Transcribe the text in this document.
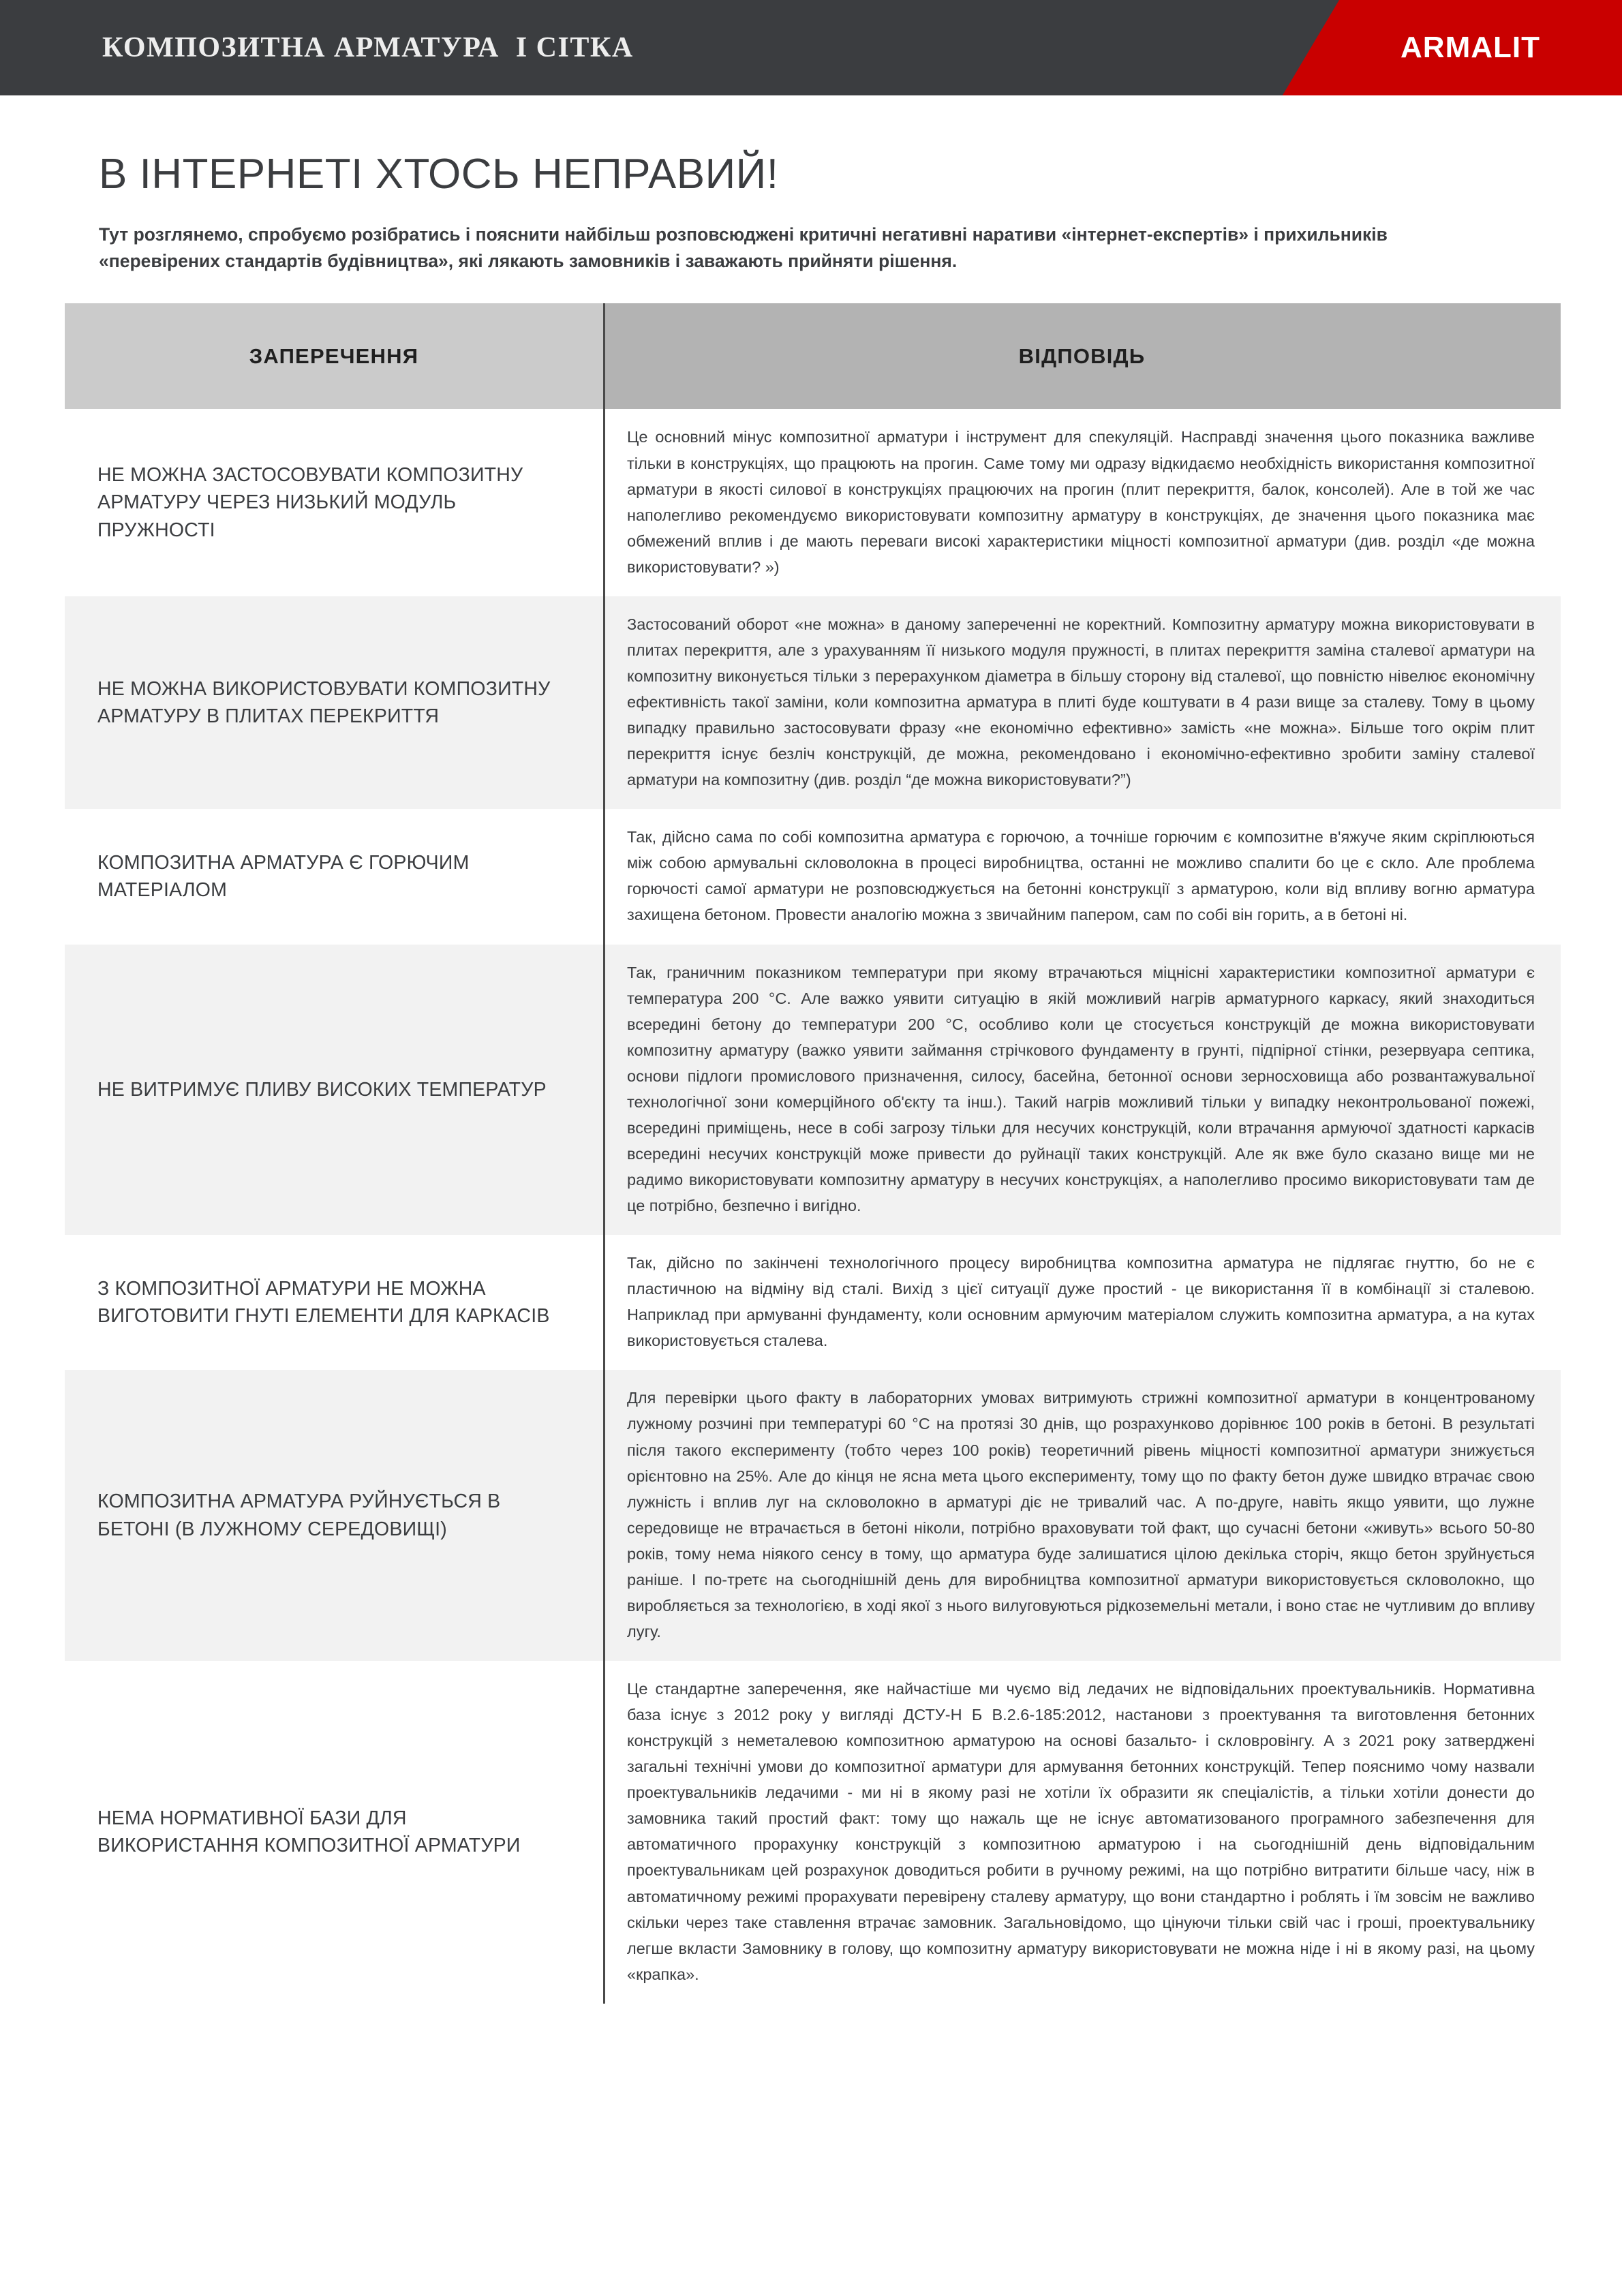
КОМПОЗИТНА АРМАТУРА  І СІТКА	ARMALIT
В ІНТЕРНЕТІ ХТОСЬ НЕПРАВИЙ!

Тут розглянемо, спробуємо розібратись і пояснити найбільш розповсюджені критичні негативні наративи «інтернет-експертів» і прихильників «перевірених стандартів будівництва», які лякають замовників і заважають прийняти рішення.

ЗАПЕРЕЧЕННЯ	ВІДПОВІДЬ
НЕ МОЖНА ЗАСТОСОВУВАТИ КОМПОЗИТНУ АРМАТУРУ ЧЕРЕЗ НИЗЬКИЙ МОДУЛЬ ПРУЖНОСТІ
Це основний мінус композитної арматури і інструмент для спекуляцій. Насправді значення цього показника важливе тільки в конструкціях, що працюють на прогин. Саме тому ми одразу відкидаємо необхідність використання композитної арматури в якості силової в конструкціях працюючих на прогин (плит перекриття, балок, консолей). Але в той же час наполегливо рекомендуємо використовувати композитну арматуру в конструкціях, де значення цього показника має обмежений вплив і де мають переваги високі характеристики міцності композитної арматури (див. розділ «де можна використовувати? »)
НЕ МОЖНА ВИКОРИСТОВУВАТИ КОМПОЗИТНУ АРМАТУРУ В ПЛИТАХ ПЕРЕКРИТТЯ
Застосований оборот «не можна» в даному запереченні не коректний. Композитну арматуру можна використовувати в плитах перекриття, але з урахуванням її низького модуля пружності, в плитах перекриття заміна сталевої арматури на композитну виконується тільки з перерахунком діаметра в більшу сторону від сталевої, що повністю нівелює економічну ефективність такої заміни, коли композитна арматура в плиті буде коштувати в 4 рази вище за сталеву. Тому в цьому випадку правильно застосовувати фразу «не економічно ефективно» замість «не можна». Більше того окрім плит перекриття існує безліч конструкцій, де можна, рекомендовано і економічно-ефективно зробити заміну сталевої арматури на композитну (див. розділ “де можна використовувати?”)
КОМПОЗИТНА АРМАТУРА Є ГОРЮЧИМ МАТЕРІАЛОМ
Так, дійсно сама по собі композитна арматура є горючою, а точніше горючим є композитне в'яжуче яким скріплюються між собою армувальні скловолокна в процесі виробництва, останні не можливо спалити бо це є скло. Але проблема горючості самої арматури не розповсюджується на бетонні конструкції з арматурою, коли від впливу вогню арматура захищена бетоном. Провести аналогію можна з звичайним папером, сам по собі він горить, а в бетоні ні.
НЕ ВИТРИМУЄ ПЛИВУ ВИСОКИХ ТЕМПЕРАТУР
Так, граничним показником температури при якому втрачаються міцнісні характеристики композитної арматури є температура 200 °С. Але важко уявити ситуацію в якій можливий нагрів арматурного каркасу, який знаходиться всередині бетону до температури 200 °С, особливо коли це стосується конструкцій де можна використовувати композитну арматуру (важко уявити займання стрічкового фундаменту в грунті, підпірної стінки, резервуара септика, основи підлоги промислового призначення, силосу, басейна, бетонної основи зерносховища або розвантажувальної технологічної зони комерційного об'єкту та інш.). Такий нагрів можливий тільки у випадку неконтрольованої пожежі, всередині приміщень, несе в собі загрозу тільки для несучих конструкцій, коли втрачання армуючої здатності каркасів всередині несучих конструкцій може привести до руйнації таких конструкцій. Але як вже було сказано вище ми не радимо використовувати композитну арматуру в несучих конструкціях, а наполегливо просимо використовувати там де це потрібно, безпечно і вигідно.
З КОМПОЗИТНОЇ АРМАТУРИ НЕ МОЖНА ВИГОТОВИТИ ГНУТІ ЕЛЕМЕНТИ ДЛЯ КАРКАСІВ
Так, дійсно по закінчені технологічного процесу виробництва композитна арматура не підлягає гнуттю, бо не є пластичною на відміну від сталі. Вихід з цієї ситуації дуже простий - це використання її в комбінації зі сталевою. Наприклад при армуванні фундаменту, коли основним армуючим матеріалом служить композитна арматура, а на кутах використовується сталева.
КОМПОЗИТНА АРМАТУРА РУЙНУЄТЬСЯ В БЕТОНІ (В ЛУЖНОМУ СЕРЕДОВИЩІ)
Для перевірки цього факту в лабораторних умовах витримують стрижні композитної арматури в концентрованому лужному розчині при температурі 60 °С на протязі 30 днів, що розрахунково дорівнює 100 років в бетоні. В результаті після такого експерименту (тобто через 100 років) теоретичний рівень міцності композитної арматури знижується орієнтовно на 25%. Але до кінця не ясна мета цього експерименту, тому що по факту бетон дуже швидко втрачає свою лужність і вплив луг на скловолокно в арматурі діє не тривалий час. А по-друге, навіть якщо уявити, що лужне середовище не втрачається в бетоні ніколи, потрібно враховувати той факт, що сучасні бетони «живуть» всього 50-80 років, тому нема ніякого сенсу в тому, що арматура буде залишатися цілою декілька сторіч, якщо бетон зруйнується раніше. І по-третє на сьогоднішній день для виробництва композитної арматури використовується скловолокно, що виробляється за технологією, в ході якої з нього вилуговуються рідкоземельні метали, і воно стає не чутливим до впливу лугу.
НЕМА НОРМАТИВНОЇ БАЗИ ДЛЯ ВИКОРИСТАННЯ КОМПОЗИТНОЇ АРМАТУРИ
Це стандартне заперечення, яке найчастіше ми чуємо від ледачих не відповідальних проектувальників. Нормативна база існує з 2012 року у вигляді ДСТУ-Н Б В.2.6-185:2012, настанови з проектування та виготовлення бетонних конструкцій з неметалевою композитною арматурою на основі базальто- і скловровінгу. А з 2021 року затверджені загальні технічні умови до композитної арматури для армування бетонних конструкцій. Тепер пояснимо чому назвали проектувальників ледачими - ми ні в якому разі не хотіли їх образити як спеціалістів, а тільки хотіли донести до замовника такий простий факт: тому що нажаль ще не існує автоматизованого програмного забезпечення для автоматичного прорахунку конструкцій з композитною арматурою і на сьогоднішній день відповідальним проектувальникам цей розрахунок доводиться робити в ручному режимі, на що потрібно витратити більше часу, ніж в автоматичному режимі прорахувати перевірену сталеву арматуру, що вони стандартно і роблять і їм зовсім не важливо скільки через таке ставлення втрачає замовник. Загальновідомо, що цінуючи тільки свій час і гроші, проектувальнику легше вкласти Замовнику в голову, що композитну арматуру використовувати не можна ніде і ні в якому разі, на цьому «крапка».
